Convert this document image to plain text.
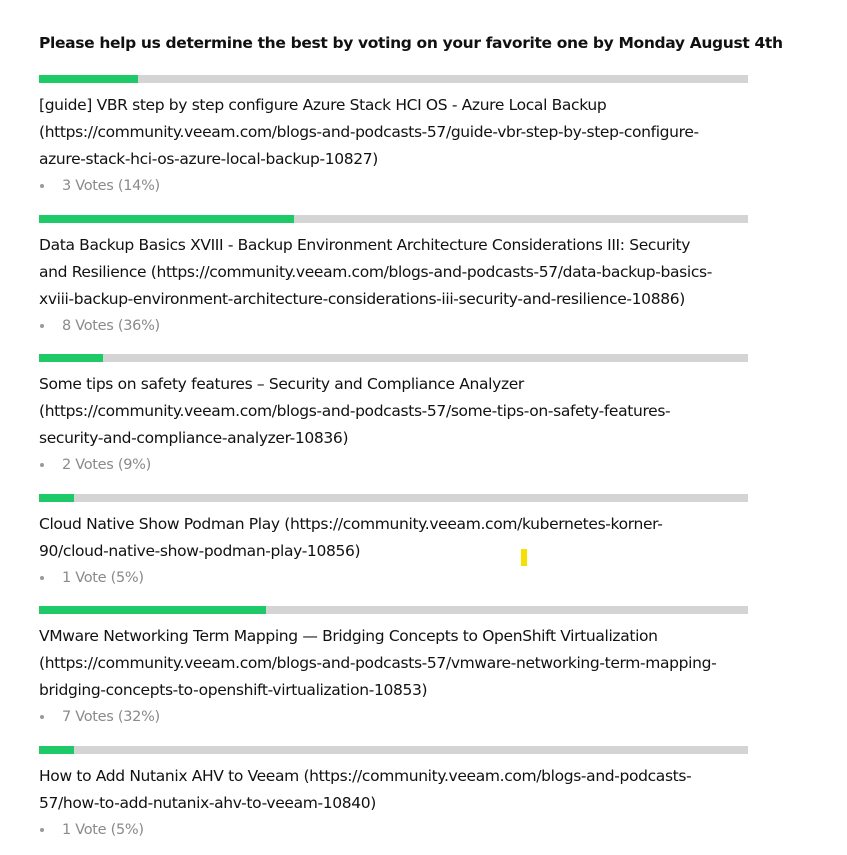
Please help us determine the best by voting on your favorite one by Monday August 4th

[guide] VBR step by step configure Azure Stack HCI OS - Azure Local Backup
(https://community.veeam.com/blogs-and-podcasts-57/guide-vbr-step-by-step-configure-
azure-stack-hci-os-azure-local-backup-10827)
3 Votes (14%)
Data Backup Basics XVIII - Backup Environment Architecture Considerations III: Security
and Resilience (https://community.veeam.com/blogs-and-podcasts-57/data-backup-basics-
xviii-backup-environment-architecture-considerations-iii-security-and-resilience-10886)
8 Votes (36%)
Some tips on safety features – Security and Compliance Analyzer
(https://community.veeam.com/blogs-and-podcasts-57/some-tips-on-safety-features-
security-and-compliance-analyzer-10836)
2 Votes (9%)
Cloud Native Show Podman Play (https://community.veeam.com/kubernetes-korner-
90/cloud-native-show-podman-play-10856)
1 Vote (5%)
VMware Networking Term Mapping — Bridging Concepts to OpenShift Virtualization
(https://community.veeam.com/blogs-and-podcasts-57/vmware-networking-term-mapping-
bridging-concepts-to-openshift-virtualization-10853)
7 Votes (32%)
How to Add Nutanix AHV to Veeam (https://community.veeam.com/blogs-and-podcasts-
57/how-to-add-nutanix-ahv-to-veeam-10840)
1 Vote (5%)
